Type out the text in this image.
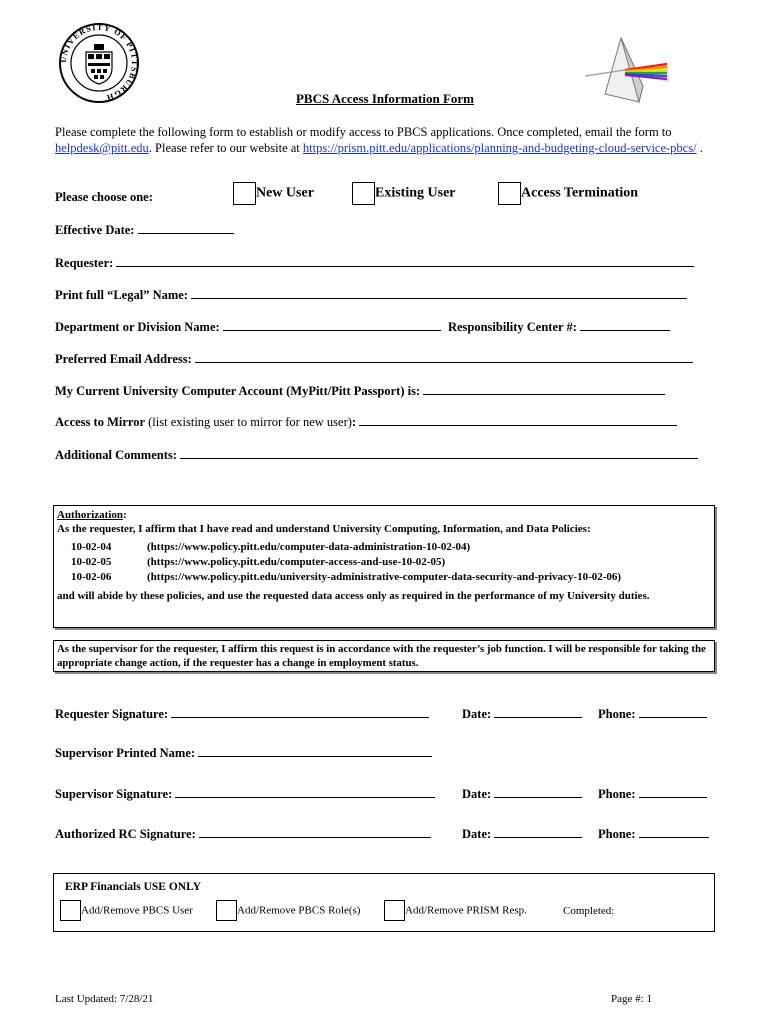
UNIVERSITY OF PITTSBURGH	PBCS Access Information Form
Please complete the following form to establish or modify access to PBCS applications. Once completed, email the form to helpdesk@pitt.edu. Please refer to our website at https://prism.pitt.edu/applications/planning-and-budgeting-cloud-service-pbcs/ .
Please choose one:	New User	Existing User	Access Termination
Effective Date:
Requester:
Print full “Legal” Name:
Department or Division Name:	Responsibility Center #:
Preferred Email Address:
My Current University Computer Account (MyPitt/Pitt Passport) is:
Access to Mirror (list existing user to mirror for new user):
Additional Comments:
Authorization:
As the requester, I affirm that I have read and understand University Computing, Information, and Data Policies:
10-02-04	(https://www.policy.pitt.edu/computer-data-administration-10-02-04)
10-02-05	(https://www.policy.pitt.edu/computer-access-and-use-10-02-05)
10-02-06	(https://www.policy.pitt.edu/university-administrative-computer-data-security-and-privacy-10-02-06)
and will abide by these policies, and use the requested data access only as required in the performance of my University duties.
As the supervisor for the requester, I affirm this request is in accordance with the requester’s job function. I will be responsible for taking the appropriate change action, if the requester has a change in employment status.
Requester Signature:	Date:	Phone:
Supervisor Printed Name:
Supervisor Signature:	Date:	Phone:
Authorized RC Signature:	Date:	Phone:
ERP Financials USE ONLY
Add/Remove PBCS User	Add/Remove PBCS Role(s)	Add/Remove PRISM Resp.	Completed:
Last Updated: 7/28/21	Page #: 1
